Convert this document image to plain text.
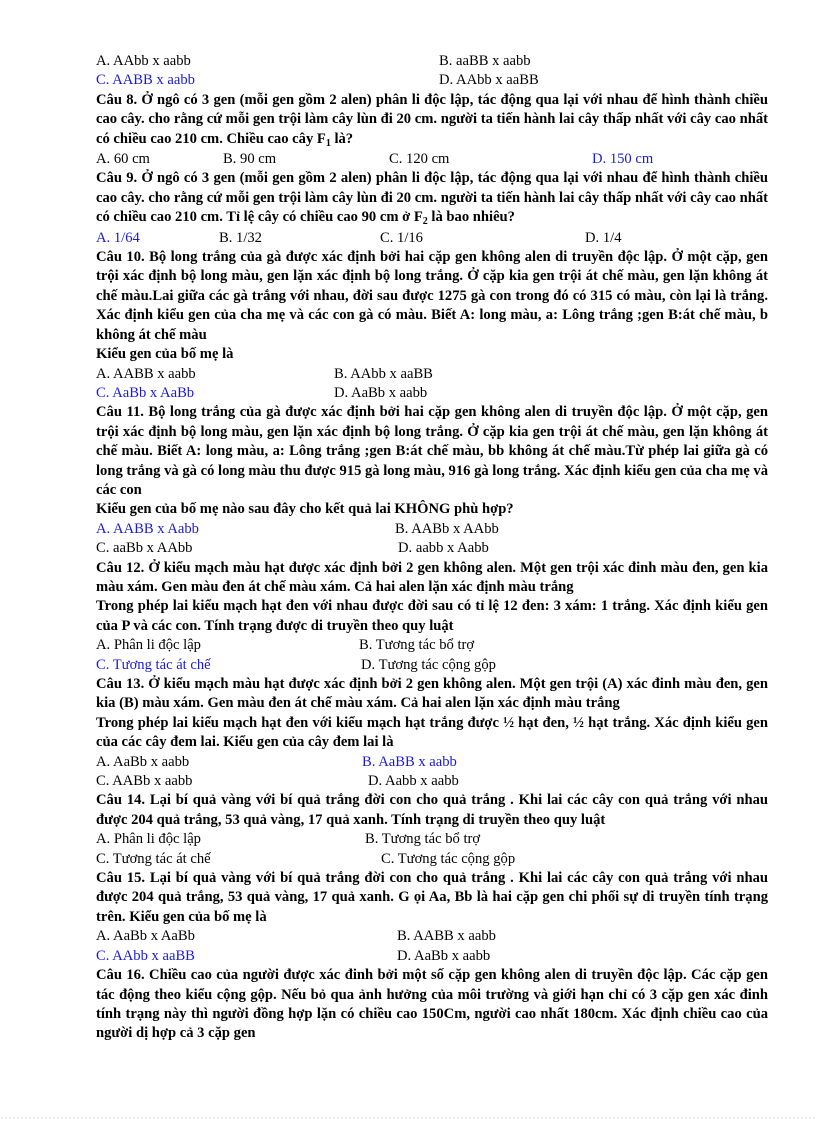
A. AAbb x aabb	B. aaBB x aabb
C. AABB x aabb	D. AAbb x aaBB

Câu 8. Ở ngô có 3 gen (mỗi gen gồm 2 alen) phân li độc lập, tác động qua lại với nhau để hình thành chiều cao cây. cho rằng cứ mỗi gen trội làm cây lùn đi 20 cm. người ta tiến hành lai cây thấp nhất với cây cao nhất có chiều cao 210 cm. Chiều cao cây $F_1$ là?

A. 60 cm	B. 90 cm	C. 120 cm	D. 150 cm

Câu 9. Ở ngô có 3 gen (mỗi gen gồm 2 alen) phân li độc lập, tác động qua lại với nhau để hình thành chiều cao cây. cho rằng cứ mỗi gen trội làm cây lùn đi 20 cm. người ta tiến hành lai cây thấp nhất với cây cao nhất có chiều cao 210 cm. Tỉ lệ cây có chiều cao 90 cm ở $F_2$ là bao nhiêu?

A. 1/64	B. 1/32	C. 1/16	D. 1/4

Câu 10. Bộ long trắng của gà được xác định bởi hai cặp gen không alen di truyền độc lập. Ở một cặp, gen trội xác định bộ long màu, gen lặn xác định bộ long trắng. Ở cặp kia gen trội át chế màu, gen lặn không át chế màu.Lai giữa các gà trắng với nhau, đời sau được 1275 gà con trong đó có 315 có màu, còn lại là trắng. Xác định kiểu gen của cha mẹ và các con gà có màu. Biết A: long màu, a: Lông trắng ;gen B:át chế màu, b không át chế màu

Kiểu gen của bố mẹ là

A. AABB x aabb	B. AAbb x aaBB
C. AaBb x AaBb	D. AaBb x aabb

Câu 11. Bộ long trắng của gà được xác định bởi hai cặp gen không alen di truyền độc lập. Ở một cặp, gen trội xác định bộ long màu, gen lặn xác định bộ long trắng. Ở cặp kia gen trội át chế màu, gen lặn không át chế màu. Biết A: long màu, a: Lông trắng ;gen B:át chế màu, bb không át chế màu.Từ phép lai giữa gà có long trắng và gà có long màu thu được 915 gà long màu, 916 gà long trắng. Xác định kiểu gen của cha mẹ và các con

Kiểu gen của bố mẹ nào sau đây cho kết quả lai KHÔNG phù hợp?

A. AABB x Aabb	B. AABb x AAbb
C. aaBb x AAbb	D. aabb x Aabb

Câu 12. Ở kiểu mạch màu hạt được xác định bởi 2 gen không alen. Một gen trội xác đinh màu đen, gen kia màu xám. Gen màu đen át chế màu xám. Cả hai alen lặn xác định màu trắng

Trong phép lai kiểu mạch hạt đen với nhau được đời sau có tỉ lệ 12 đen: 3 xám: 1 trắng. Xác định kiểu gen của P và các con. Tính trạng được di truyền theo quy luật

A. Phân li độc lập	B. Tương tác bổ trợ
C. Tương tác át chế	D. Tương tác cộng gộp

Câu 13. Ở kiểu mạch màu hạt được xác định bởi 2 gen không alen. Một gen trội (A) xác đinh màu đen, gen kia (B) màu xám. Gen màu đen át chế màu xám. Cả hai alen lặn xác định màu trắng

Trong phép lai kiểu mạch hạt đen với kiểu mạch hạt trắng được ½ hạt đen, ½ hạt trắng. Xác định kiểu gen của các cây đem lai. Kiểu gen của cây đem lai là

A. AaBb x aabb	B. AaBB x aabb
C. AABb x aabb	D. Aabb x aabb

Câu 14. Lại bí quả vàng với bí quả trắng đời con cho quả trắng . Khi lai các cây con quả trắng với nhau được 204 quả trắng, 53 quả vàng, 17 quả xanh. Tính trạng di truyền theo quy luật

A. Phân li độc lập	B. Tương tác bổ trợ
C. Tương tác át chế	C. Tương tác cộng gộp

Câu 15. Lại bí quả vàng với bí quả trắng đời con cho quả trắng . Khi lai các cây con quả trắng với nhau được 204 quả trắng, 53 quả vàng, 17 quả xanh. G ọi Aa, Bb là hai cặp gen chi phối sự di truyền tính trạng trên. Kiểu gen của bố mẹ là

A. AaBb x AaBb	B. AABB x aabb
C. AAbb x aaBB	D. AaBb x aabb

Câu 16. Chiều cao của người được xác đinh bởi một số cặp gen không alen di truyền độc lập. Các cặp gen tác động theo kiểu cộng gộp. Nếu bỏ qua ảnh hưởng của môi trường và giới hạn chỉ có 3 cặp gen xác đinh tính trạng này thì người đồng hợp lặn có chiều cao 150Cm, người cao nhất 180cm. Xác định chiều cao của người dị hợp cả 3 cặp gen
